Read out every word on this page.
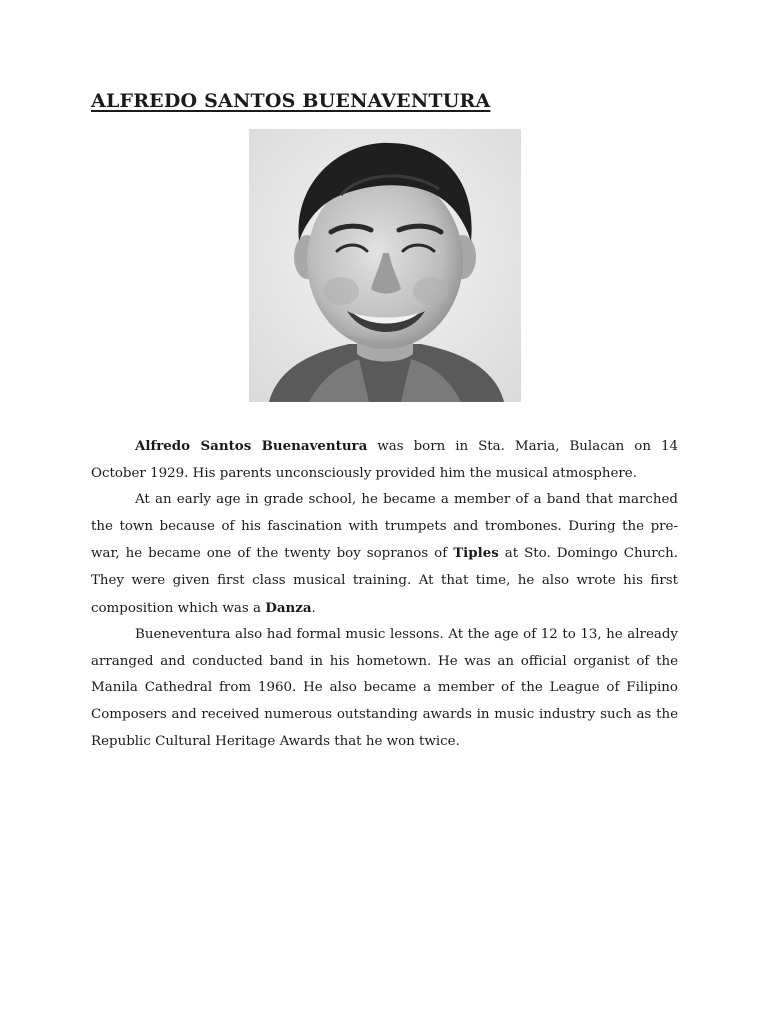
ALFREDO SANTOS BUENAVENTURA

Alfredo Santos Buenaventura was born in Sta. Maria, Bulacan on 14 October 1929. His parents unconsciously provided him the musical atmosphere.

At an early age in grade school, he became a member of a band that marched the town because of his fascination with trumpets and trombones. During the pre-war, he became one of the twenty boy sopranos of Tiples at Sto. Domingo Church. They were given first class musical training. At that time, he also wrote his first composition which was a Danza.

Bueneventura also had formal music lessons. At the age of 12 to 13, he already arranged and conducted band in his hometown. He was an official organist of the Manila Cathedral from 1960. He also became a member of the League of Filipino Composers and received numerous outstanding awards in music industry such as the Republic Cultural Heritage Awards that he won twice.
